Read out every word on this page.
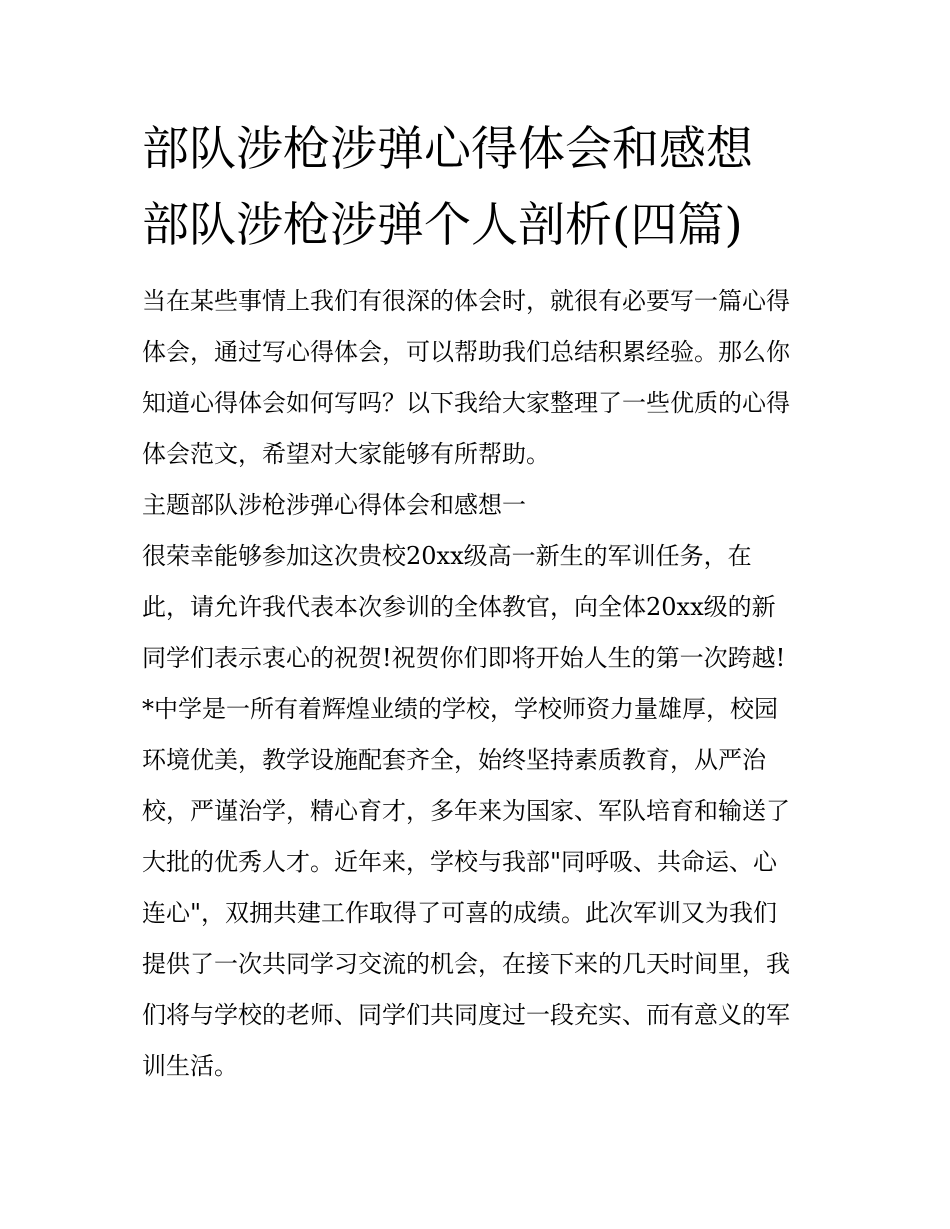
部队涉枪涉弹心得体会和感想
部队涉枪涉弹个人剖析(四篇)
当在某些事情上我们有很深的体会时，就很有必要写一篇心得
体会，通过写心得体会，可以帮助我们总结积累经验。那么你
知道心得体会如何写吗？以下我给大家整理了一些优质的心得
体会范文，希望对大家能够有所帮助。
主题部队涉枪涉弹心得体会和感想一
很荣幸能够参加这次贵校20xx级高一新生的军训任务，在
此，请允许我代表本次参训的全体教官，向全体20xx级的新
同学们表示衷心的祝贺!祝贺你们即将开始人生的第一次跨越!
*中学是一所有着辉煌业绩的学校，学校师资力量雄厚，校园
环境优美，教学设施配套齐全，始终坚持素质教育，从严治
校，严谨治学，精心育才，多年来为国家、军队培育和输送了
大批的优秀人才。近年来，学校与我部"同呼吸、共命运、心
连心"，双拥共建工作取得了可喜的成绩。此次军训又为我们
提供了一次共同学习交流的机会，在接下来的几天时间里，我
们将与学校的老师、同学们共同度过一段充实、而有意义的军
训生活。
